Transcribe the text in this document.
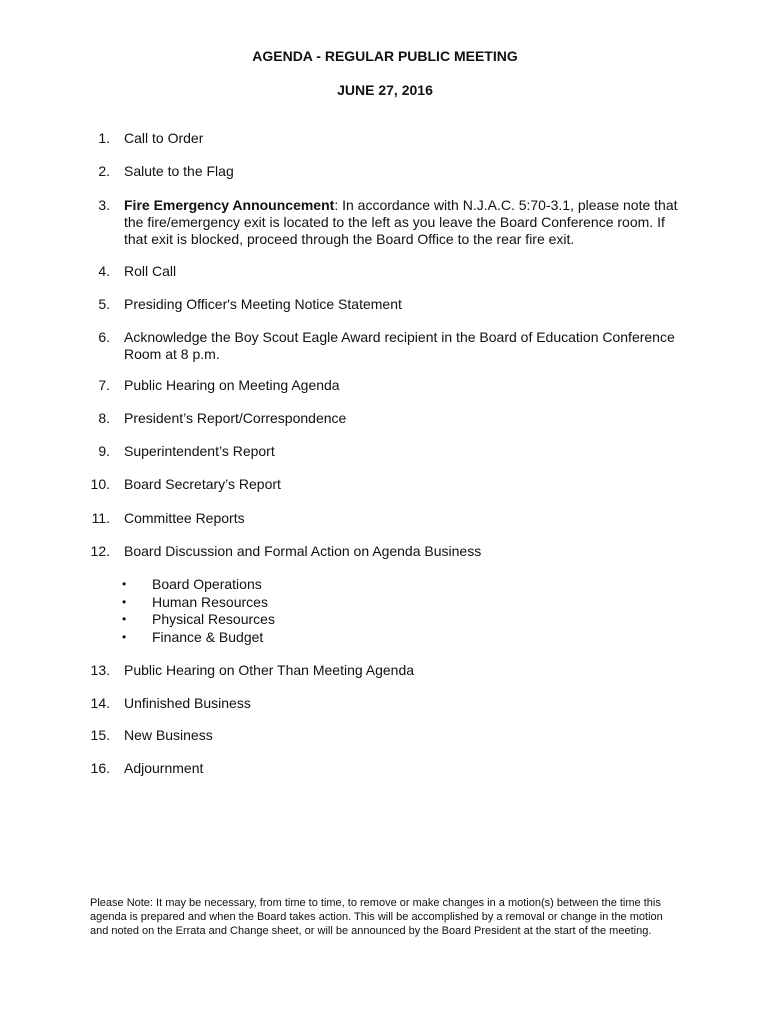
AGENDA - REGULAR PUBLIC MEETING
JUNE 27, 2016
1. Call to Order
2. Salute to the Flag
3. Fire Emergency Announcement: In accordance with N.J.A.C. 5:70-3.1, please note that the fire/emergency exit is located to the left as you leave the Board Conference room. If that exit is blocked, proceed through the Board Office to the rear fire exit.
4. Roll Call
5. Presiding Officer's Meeting Notice Statement
6. Acknowledge the Boy Scout Eagle Award recipient in the Board of Education Conference Room at 8 p.m.
7. Public Hearing on Meeting Agenda
8. President’s Report/Correspondence
9. Superintendent’s Report
10. Board Secretary’s Report
11. Committee Reports
12. Board Discussion and Formal Action on Agenda Business
• Board Operations
• Human Resources
• Physical Resources
• Finance & Budget
13. Public Hearing on Other Than Meeting Agenda
14. Unfinished Business
15. New Business
16. Adjournment

Please Note: It may be necessary, from time to time, to remove or make changes in a motion(s) between the time this agenda is prepared and when the Board takes action. This will be accomplished by a removal or change in the motion and noted on the Errata and Change sheet, or will be announced by the Board President at the start of the meeting.
